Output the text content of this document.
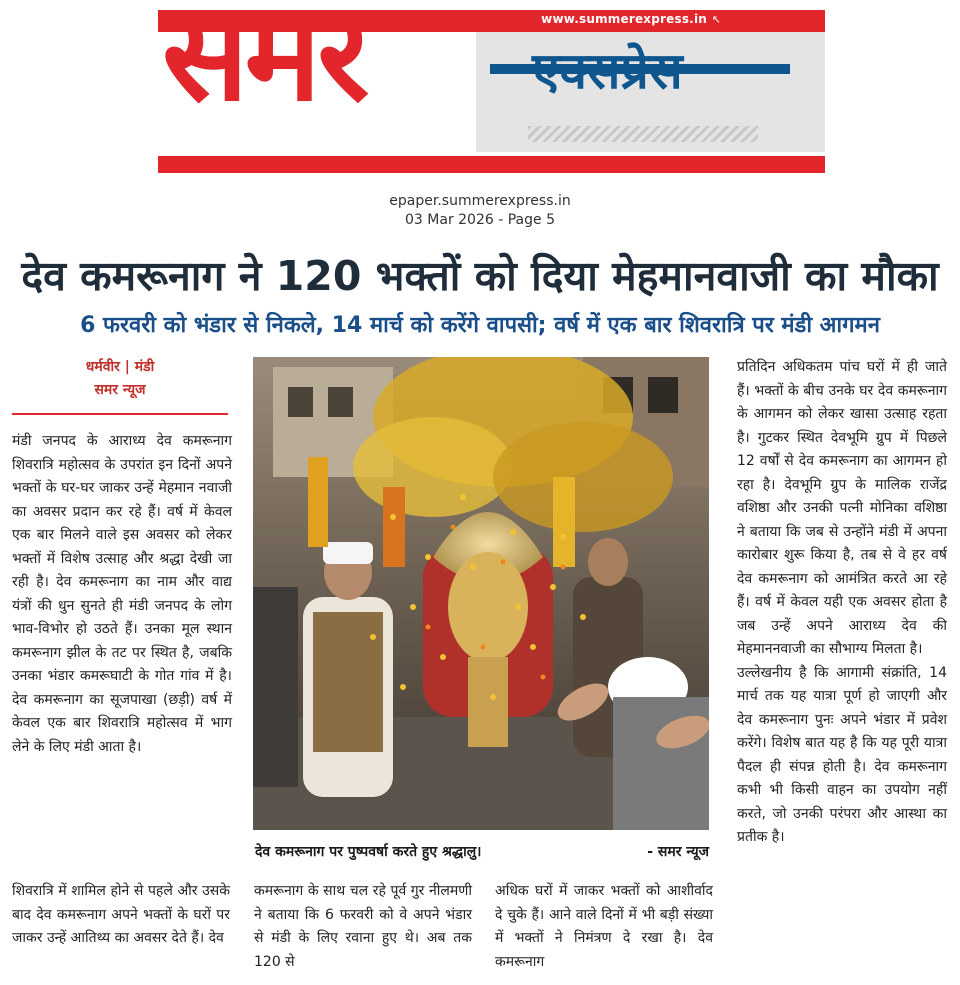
www.summerexpress.in ↖
समर	एक्सप्रेस
epaper.summerexpress.in
03 Mar 2026 - Page 5
देव कमरूनाग ने 120 भक्तों को दिया मेहमानवाजी का मौका
6 फरवरी को भंडार से निकले, 14 मार्च को करेंगे वापसी; वर्ष में एक बार शिवरात्रि पर मंडी आगमन
धर्मवीर | मंडी
समर न्यूज

मंडी जनपद के आराध्य देव कमरूनाग शिवरात्रि महोत्सव के उपरांत इन दिनों अपने भक्तों के घर-घर जाकर उन्हें मेहमान नवाजी का अवसर प्रदान कर रहे हैं। वर्ष में केवल एक बार मिलने वाले इस अवसर को लेकर भक्तों में विशेष उत्साह और श्रद्धा देखी जा रही है। देव कमरूनाग का नाम और वाद्य यंत्रों की धुन सुनते ही मंडी जनपद के लोग भाव-विभोर हो उठते हैं। उनका मूल स्थान कमरूनाग झील के तट पर स्थित है, जबकि उनका भंडार कमरूघाटी के गोत गांव में है। देव कमरूनाग का सूजपाखा (छड़ी) वर्ष में केवल एक बार शिवरात्रि महोत्सव में भाग लेने के लिए मंडी आता है।

देव कमरूनाग पर पुष्पवर्षा करते हुए श्रद्धालु।	- समर न्यूज

शिवरात्रि में शामिल होने से पहले और उसके बाद देव कमरूनाग अपने भक्तों के घरों पर जाकर उन्हें आतिथ्य का अवसर देते हैं। देव

कमरूनाग के साथ चल रहे पूर्व गुर नीलमणी ने बताया कि 6 फरवरी को वे अपने भंडार से मंडी के लिए रवाना हुए थे। अब तक 120 से

अधिक घरों में जाकर भक्तों को आशीर्वाद दे चुके हैं। आने वाले दिनों में भी बड़ी संख्या में भक्तों ने निमंत्रण दे रखा है। देव कमरूनाग

प्रतिदिन अधिकतम पांच घरों में ही जाते हैं। भक्तों के बीच उनके घर देव कमरूनाग के आगमन को लेकर खासा उत्साह रहता है। गुटकर स्थित देवभूमि ग्रुप में पिछले 12 वर्षों से देव कमरूनाग का आगमन हो रहा है। देवभूमि ग्रुप के मालिक राजेंद्र वशिष्ठा और उनकी पत्नी मोनिका वशिष्ठा ने बताया कि जब से उन्होंने मंडी में अपना कारोबार शुरू किया है, तब से वे हर वर्ष देव कमरूनाग को आमंत्रित करते आ रहे हैं। वर्ष में केवल यही एक अवसर होता है जब उन्हें अपने आराध्य देव की मेहमाननवाजी का सौभाग्य मिलता है।

उल्लेखनीय है कि आगामी संक्रांति, 14 मार्च तक यह यात्रा पूर्ण हो जाएगी और देव कमरूनाग पुनः अपने भंडार में प्रवेश करेंगे। विशेष बात यह है कि यह पूरी यात्रा पैदल ही संपन्न होती है। देव कमरूनाग कभी भी किसी वाहन का उपयोग नहीं करते, जो उनकी परंपरा और आस्था का प्रतीक है।
